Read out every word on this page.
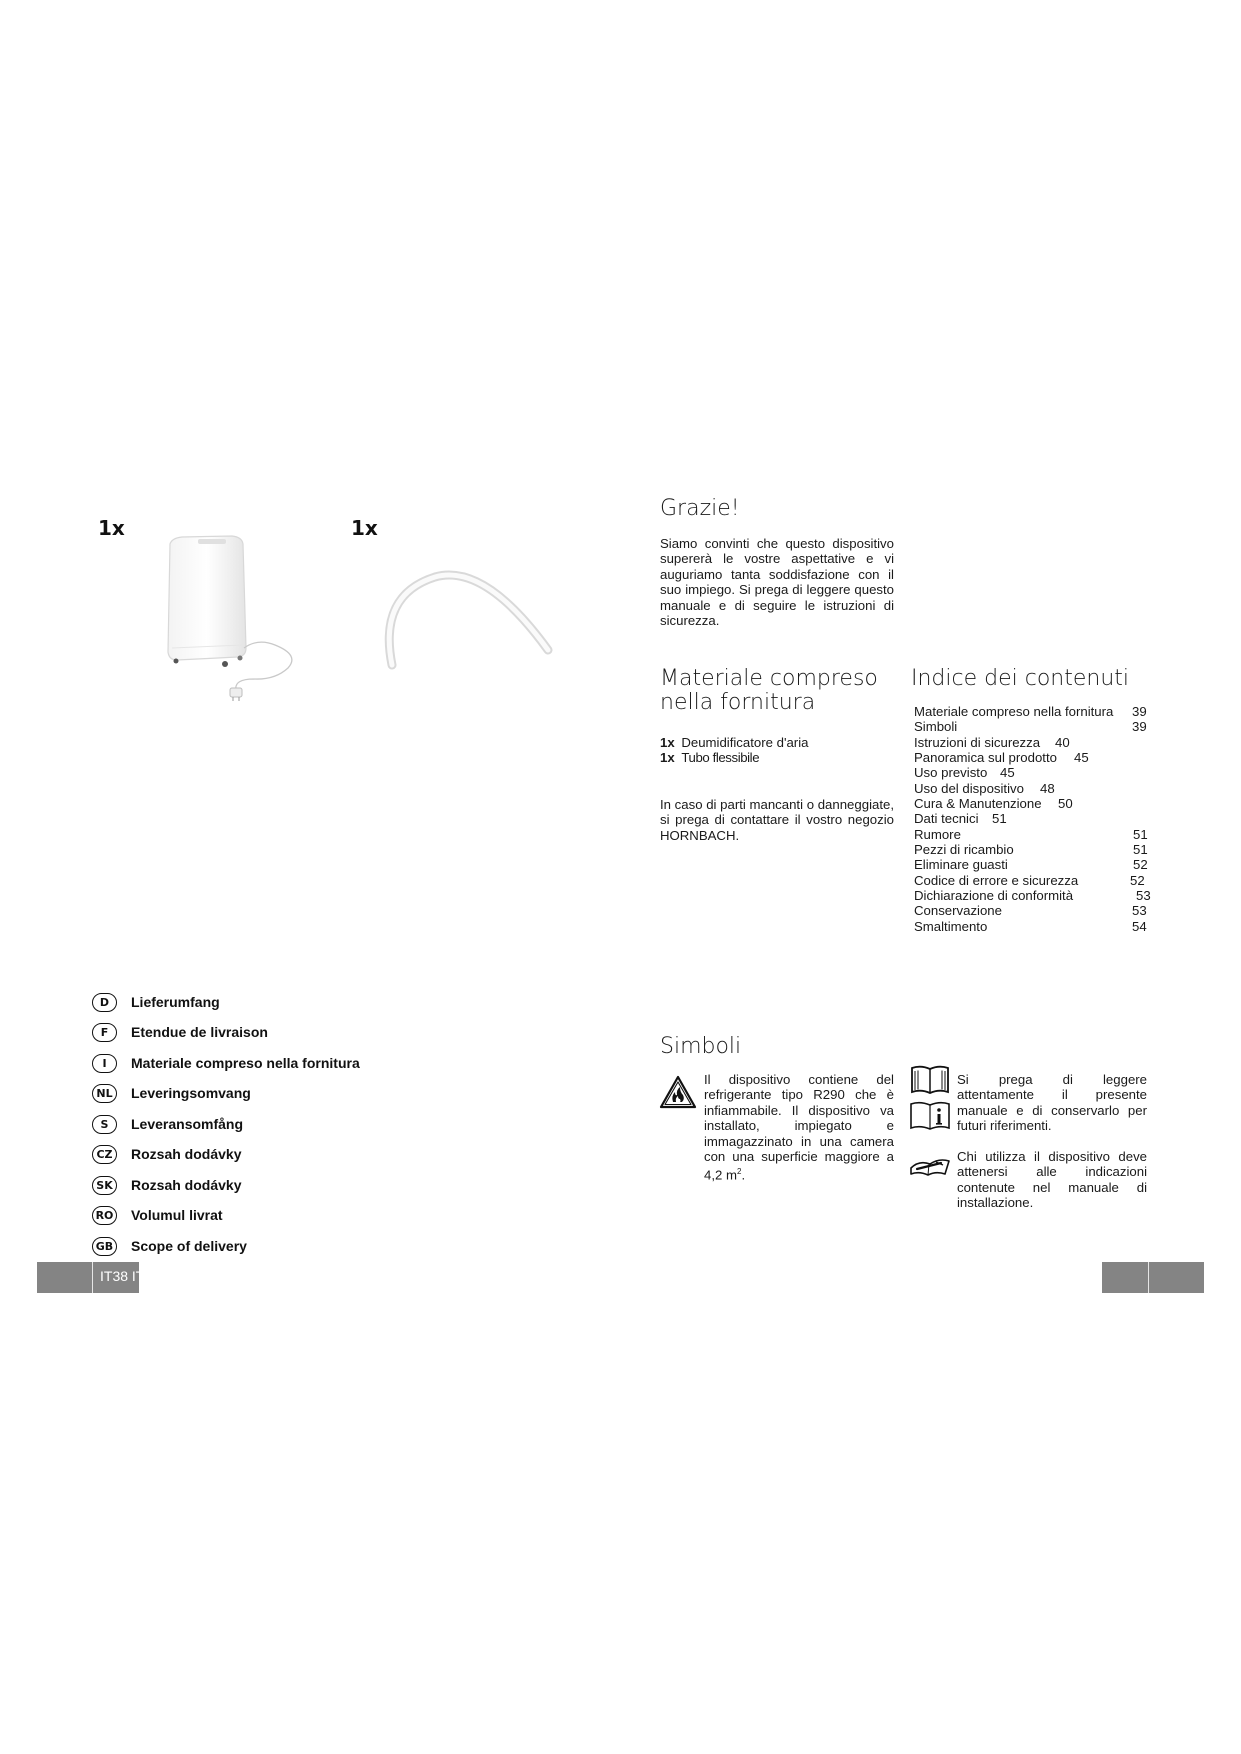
1x	1x
D	Lieferumfang
F	Etendue de livraison
I	Materiale compreso nella fornitura
NL	Leveringsomvang
S	Leveransomfång
CZ	Rozsah dodávky
SK	Rozsah dodávky
RO Volumul livrat
GB Scope of delivery
IT38 IT
Grazie!
Siamo convinti che questo dispositivo supererà le vostre aspettative e vi auguriamo tanta soddisfazione con il suo impiego. Si prega di leggere questo manuale e di seguire le istruzioni di sicurezza.
Materiale compreso
nella fornitura
1x Deumidificatore d'aria
1x Tubo flessibile
In caso di parti mancanti o danneggiate, si prega di contattare il vostro negozio HORNBACH.
Indice dei contenuti
Materiale compreso nella fornitura 39
Simboli	39
Istruzioni di sicurezza 40
Panoramica sul prodotto 45
Uso previsto 45
Uso del dispositivo 48
Cura & Manutenzione 50
Dati tecnici 51
Rumore	51
Pezzi di ricambio	51
Eliminare guasti	52
Codice di errore e sicurezza	52
Dichiarazione di conformità	53
Conservazione	53
Smaltimento	54
Simboli
Il dispositivo contiene del refrigerante tipo R290 che è infiammabile. Il dispositivo va installato, impiegato e immagazzinato in una camera con una superficie maggiore a 4,2 $m^2$.
Si prega di leggere attentamente il presente manuale e di conservarlo per futuri riferimenti.
Chi utilizza il dispositivo deve attenersi alle indicazioni contenute nel manuale di installazione.
